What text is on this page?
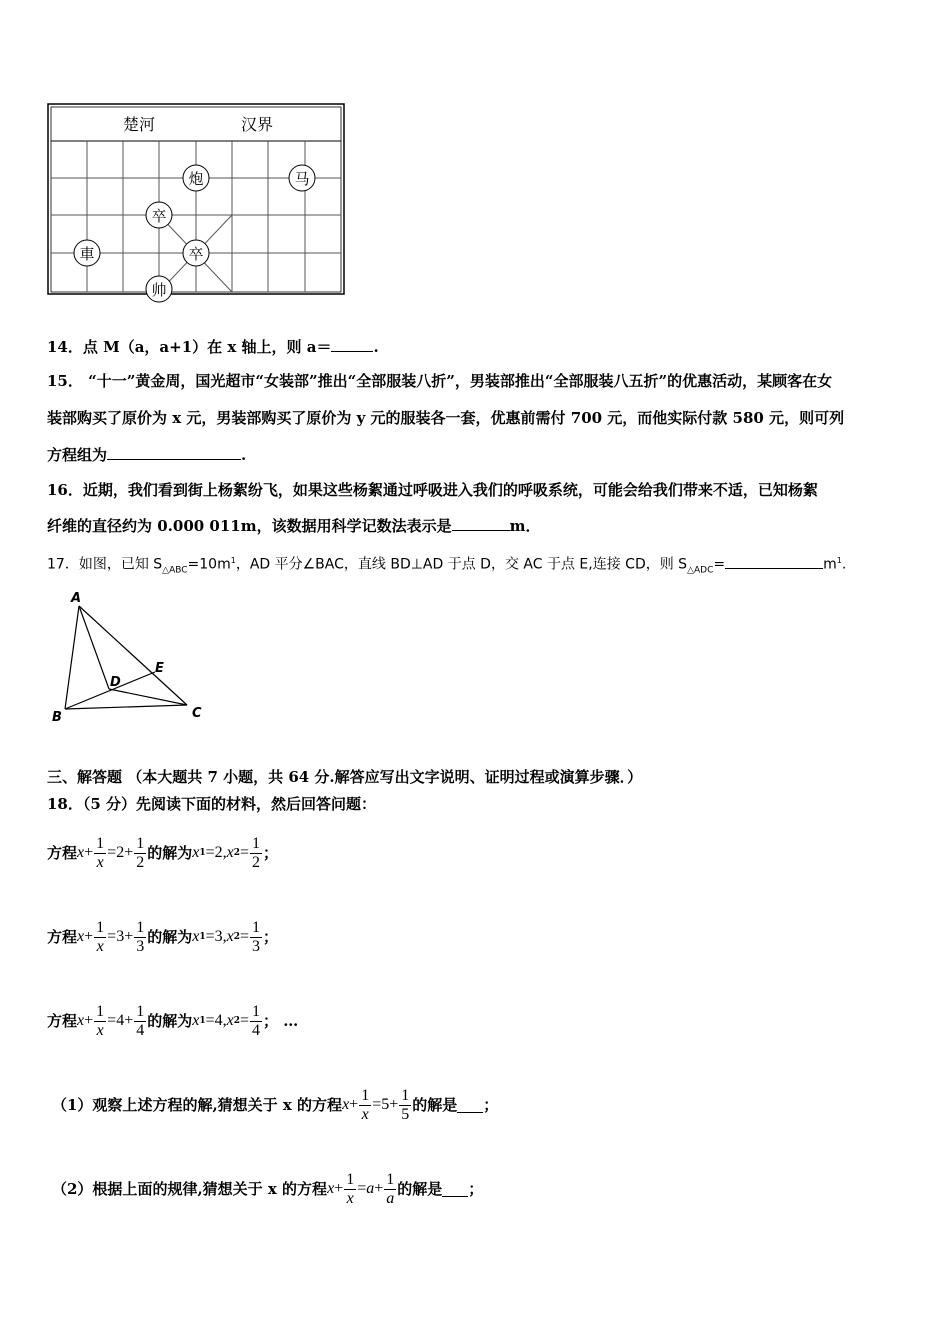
楚河	汉界
炮	马
卒
卒
車
帅
14．点 M（a，a+1）在 x 轴上，则 a＝	.
15． “十一”黄金周，国光超市“女装部”推出“全部服装八折”，男装部推出“全部服装八五折”的优惠活动，某顾客在女
装部购买了原价为 x 元，男装部购买了原价为 y 元的服装各一套，优惠前需付 700 元，而他实际付款 580 元，则可列
方程组为	.
16．近期，我们看到街上杨絮纷飞，如果这些杨絮通过呼吸进入我们的呼吸系统，可能会给我们带来不适，已知杨絮
纤维的直径约为 0.000 011m，该数据用科学记数法表示是	m．
17．如图，已知 $S_{\triangle ABC}=10m^1$，AD 平分∠BAC，直线 BD⊥AD 于点 D，交 AC 于点 E,连接 CD，则 $S_{\triangle ADC}=$	$m^1$.
A
B	C
D
E
三、解答题 （本大题共 7 小题，共 64 分.解答应写出文字说明、证明过程或演算步骤．）
18．（5 分）先阅读下面的材料，然后回答问题：
方程 $x + \frac{1}{x} = 2 + \frac{1}{2}$ 的解为 x 1 = 2 , x $2 = \frac{1}{2}$ ；
方程 $x + \frac{1}{x} = 3 + \frac{1}{3}$ 的解为 x 1 = 3 , x $2 = \frac{1}{3}$ ；
方程 $x + \frac{1}{x} = 4 + \frac{1}{4}$ 的解为 x 1 = 4 , x $2 = \frac{1}{4}$ ； …
（1）观察上述方程的解,猜想关于 x 的方程 $x + \frac{1}{x} = 5 + \frac{1}{5}$ 的解是 ；
（2）根据上面的规律,猜想关于 x 的方程 $x + \frac{1}{x} = a + \frac{1}{a}$ 的解是 ；
